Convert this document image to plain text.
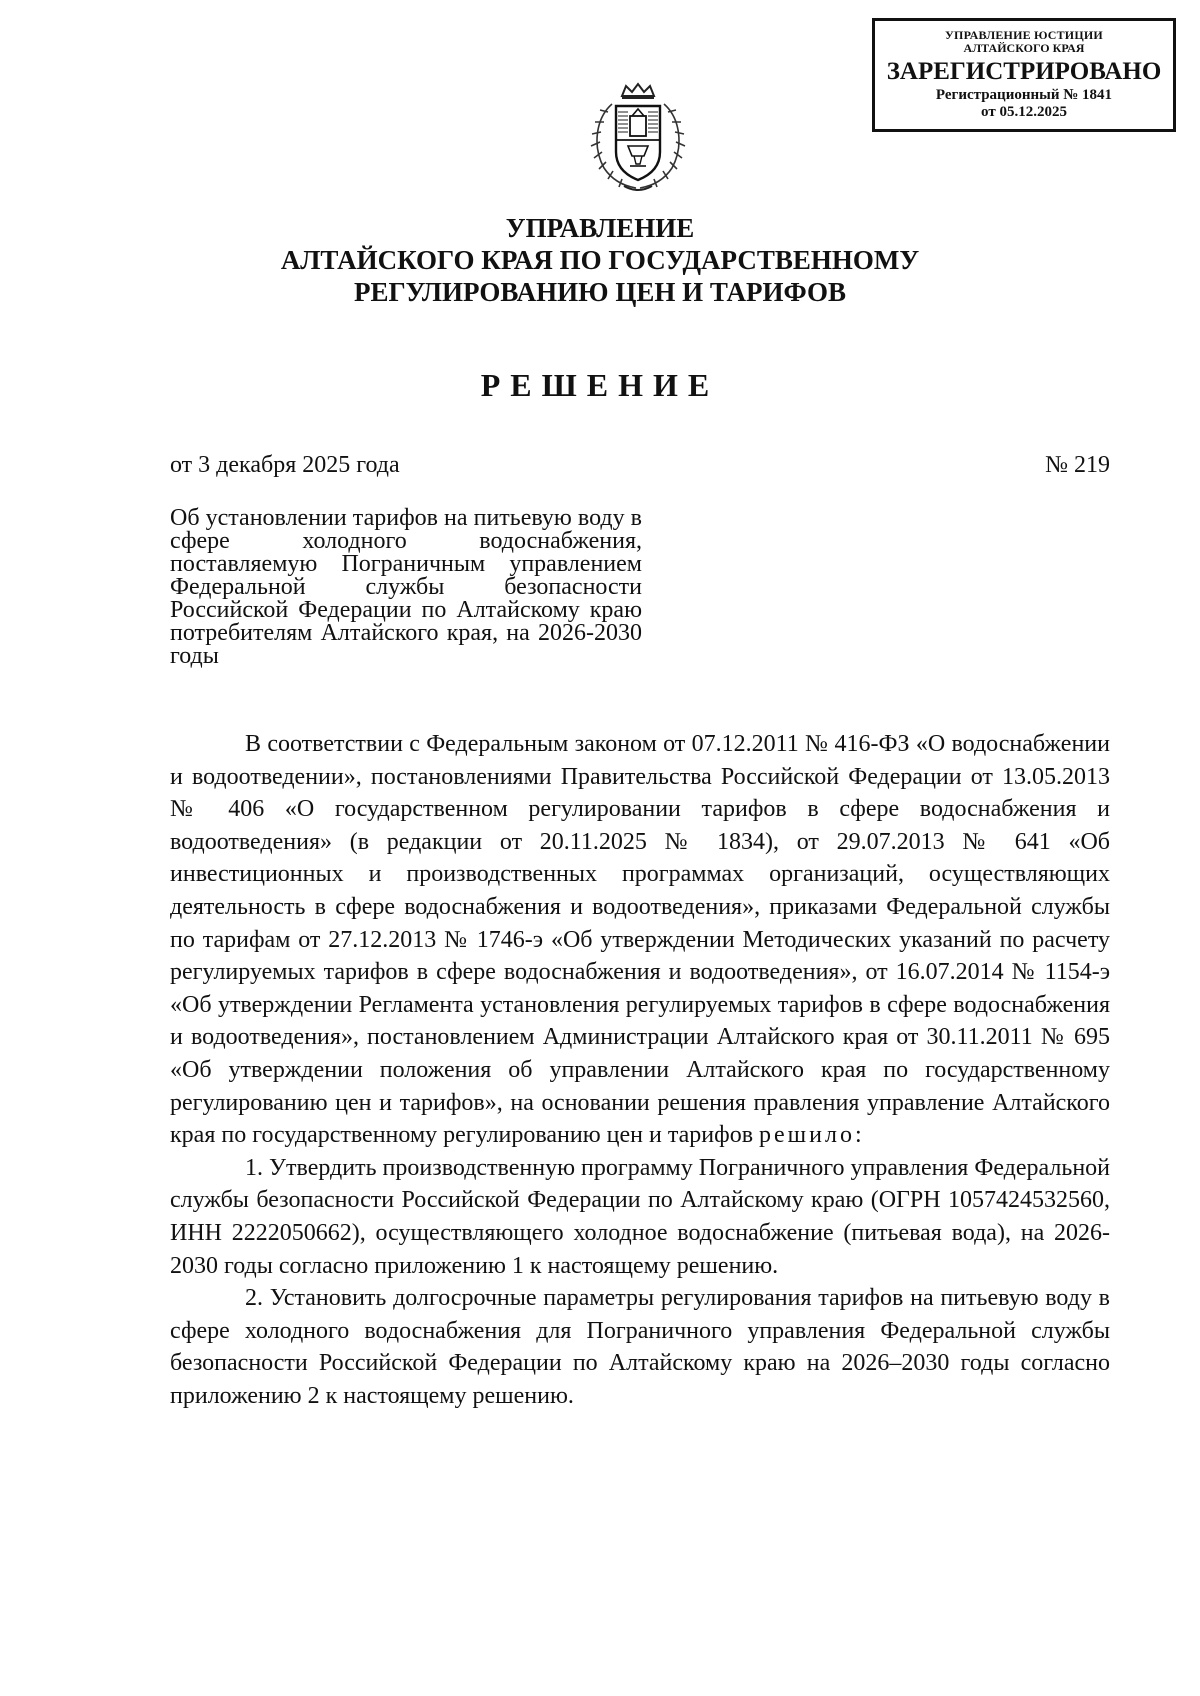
УПРАВЛЕНИЕ ЮСТИЦИИ
АЛТАЙСКОГО КРАЯ
ЗАРЕГИСТРИРОВАНО
Регистрационный № 1841
от 05.12.2025
УПРАВЛЕНИЕ
АЛТАЙСКОГО КРАЯ ПО ГОСУДАРСТВЕННОМУ
РЕГУЛИРОВАНИЮ ЦЕН И ТАРИФОВ
РЕШЕНИЕ
от 3 декабря 2025 года	№ 219
Об установлении тарифов на питьевую воду в сфере холодного водоснабжения, поставляемую Пограничным управлением Федеральной службы безопасности Российской Федерации по Алтайскому краю потребителям Алтайского края, на 2026-2030 годы

В соответствии с Федеральным законом от 07.12.2011 № 416-ФЗ «О водоснабжении и водоотведении», постановлениями Правительства Российской Федерации от 13.05.2013 № 406 «О государственном регулировании тарифов в сфере водоснабжения и водоотведения» (в редакции от 20.11.2025 № 1834), от 29.07.2013 № 641 «Об инвестиционных и производственных программах организаций, осуществляющих деятельность в сфере водоснабжения и водоотведения», приказами Федеральной службы по тарифам от 27.12.2013 № 1746-э «Об утверждении Методических указаний по расчету регулируемых тарифов в сфере водоснабжения и водоотведения», от 16.07.2014 № 1154-э «Об утверждении Регламента установления регулируемых тарифов в сфере водоснабжения и водоотведения», постановлением Администрации Алтайского края от 30.11.2011 № 695 «Об утверждении положения об управлении Алтайского края по государственному регулированию цен и тарифов», на основании решения правления управление Алтайского края по государственному регулированию цен и тарифов решило:

1. Утвердить производственную программу Пограничного управления Федеральной службы безопасности Российской Федерации по Алтайскому краю (ОГРН 1057424532560, ИНН 2222050662), осуществляющего холодное водоснабжение (питьевая вода), на 2026-2030 годы согласно приложению 1 к настоящему решению.

2. Установить долгосрочные параметры регулирования тарифов на питьевую воду в сфере холодного водоснабжения для Пограничного управления Федеральной службы безопасности Российской Федерации по Алтайскому краю на 2026–2030 годы согласно приложению 2 к настоящему решению.
